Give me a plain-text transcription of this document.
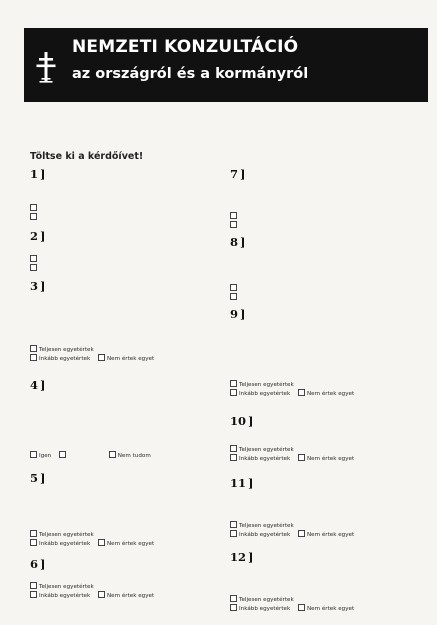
NEMZETI KONZULTÁCIÓ
az országról és a kormányról
Töltse ki a kérdőívet!
1 ]
2 ]
3 ]
Teljesen egyetértek
Inkább egyetértek	Nem értek egyet
4 ]
Igen	Nem tudom
5 ]
Teljesen egyetértek
Inkább egyetértek	Nem értek egyet
6 ]
Teljesen egyetértek
Inkább egyetértek	Nem értek egyet
7 ]
8 ]
9 ]
Teljesen egyetértek
Inkább egyetértek	Nem értek egyet
10 ]
Teljesen egyetértek
Inkább egyetértek	Nem értek egyet
11 ]
Teljesen egyetértek
Inkább egyetértek	Nem értek egyet
12 ]
Teljesen egyetértek
Inkább egyetértek	Nem értek egyet
